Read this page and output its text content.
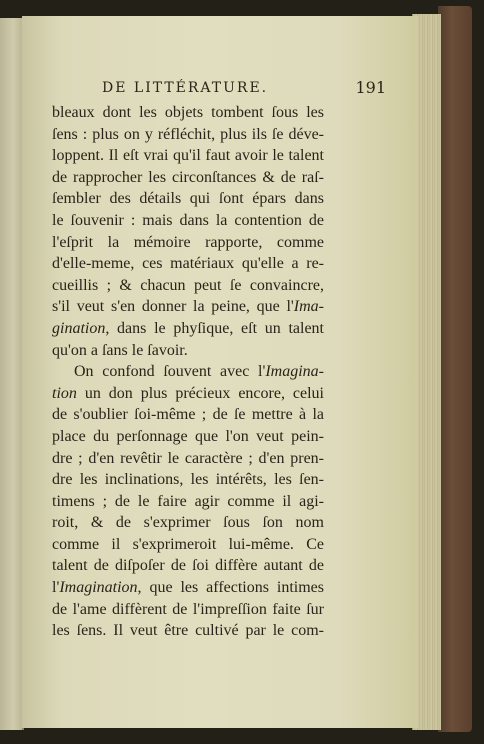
DE LITTÉRATURE.	191
bleaux dont les objets tombent ſous les
ſens : plus on y réfléchit, plus ils ſe déve-
loppent. Il eſt vrai qu'il faut avoir le talent
de rapprocher les circonſtances & de raſ-
ſembler des détails qui ſont épars dans
le ſouvenir : mais dans la contention de
l'eſprit la mémoire rapporte, comme
d'elle-meme, ces matériaux qu'elle a re-
cueillis ; & chacun peut ſe convaincre,
s'il veut s'en donner la peine, que l'Ima-
gination, dans le phyſique, eſt un talent
qu'on a ſans le ſavoir.
On confond ſouvent avec l'Imagina-
tion un don plus précieux encore, celui
de s'oublier ſoi-même ; de ſe mettre à la
place du perſonnage que l'on veut pein-
dre ; d'en revêtir le caractère ; d'en pren-
dre les inclinations, les intérêts, les ſen-
timens ; de le faire agir comme il agi-
roit, & de s'exprimer ſous ſon nom
comme il s'exprimeroit lui-même. Ce
talent de diſpoſer de ſoi diffère autant de
l'Imagination, que les affections intimes
de l'ame diffèrent de l'impreſſion faite ſur
les ſens. Il veut être cultivé par le com-
